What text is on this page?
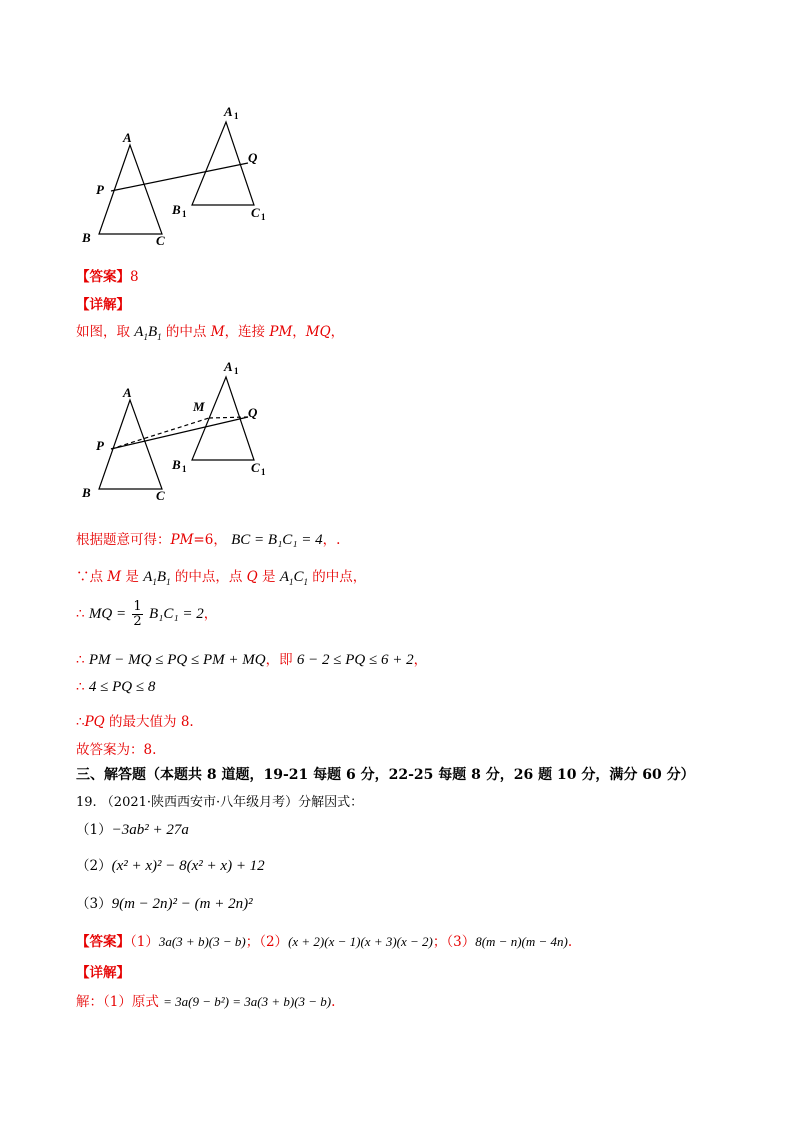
A
B	C
P
Q
A 1
B 1	C 1
【答案】8
【详解】
如图，取 $A_1B_1$ 的中点 M，连接 PM，MQ，
A
B	C
P
Q
M
A 1
B 1	C 1
根据题意可得：PM=6， BC = B₁C₁ = 4，.
∵点 M 是 $A_1B_1$ 的中点，点 Q 是 $A_1C_1$ 的中点，
∴ MQ = $\frac{1}{2} B_1C_1 = 2$，
∴ PM − MQ ≤ PQ ≤ PM + MQ，即 6 − 2 ≤ PQ ≤ 6 + 2，
∴ 4 ≤ PQ ≤ 8
∴PQ 的最大值为 8.
故答案为：8.
三、解答题（本题共 8 道题，19-21 每题 6 分，22-25 每题 8 分，26 题 10 分，满分 60 分）
19. （2021·陕西西安市·八年级月考）分解因式：
（1）−3ab² + 27a
（2）(x² + x)² − 8(x² + x) + 12
（3）9(m − 2n)² − (m + 2n)²
【答案】（1）3a(3 + b)(3 − b)；（2）(x + 2)(x − 1)(x + 3)(x − 2)；（3）8(m − n)(m − 4n).
【详解】
解：（1）原式 = 3a(9 − b²) = 3a(3 + b)(3 − b).
